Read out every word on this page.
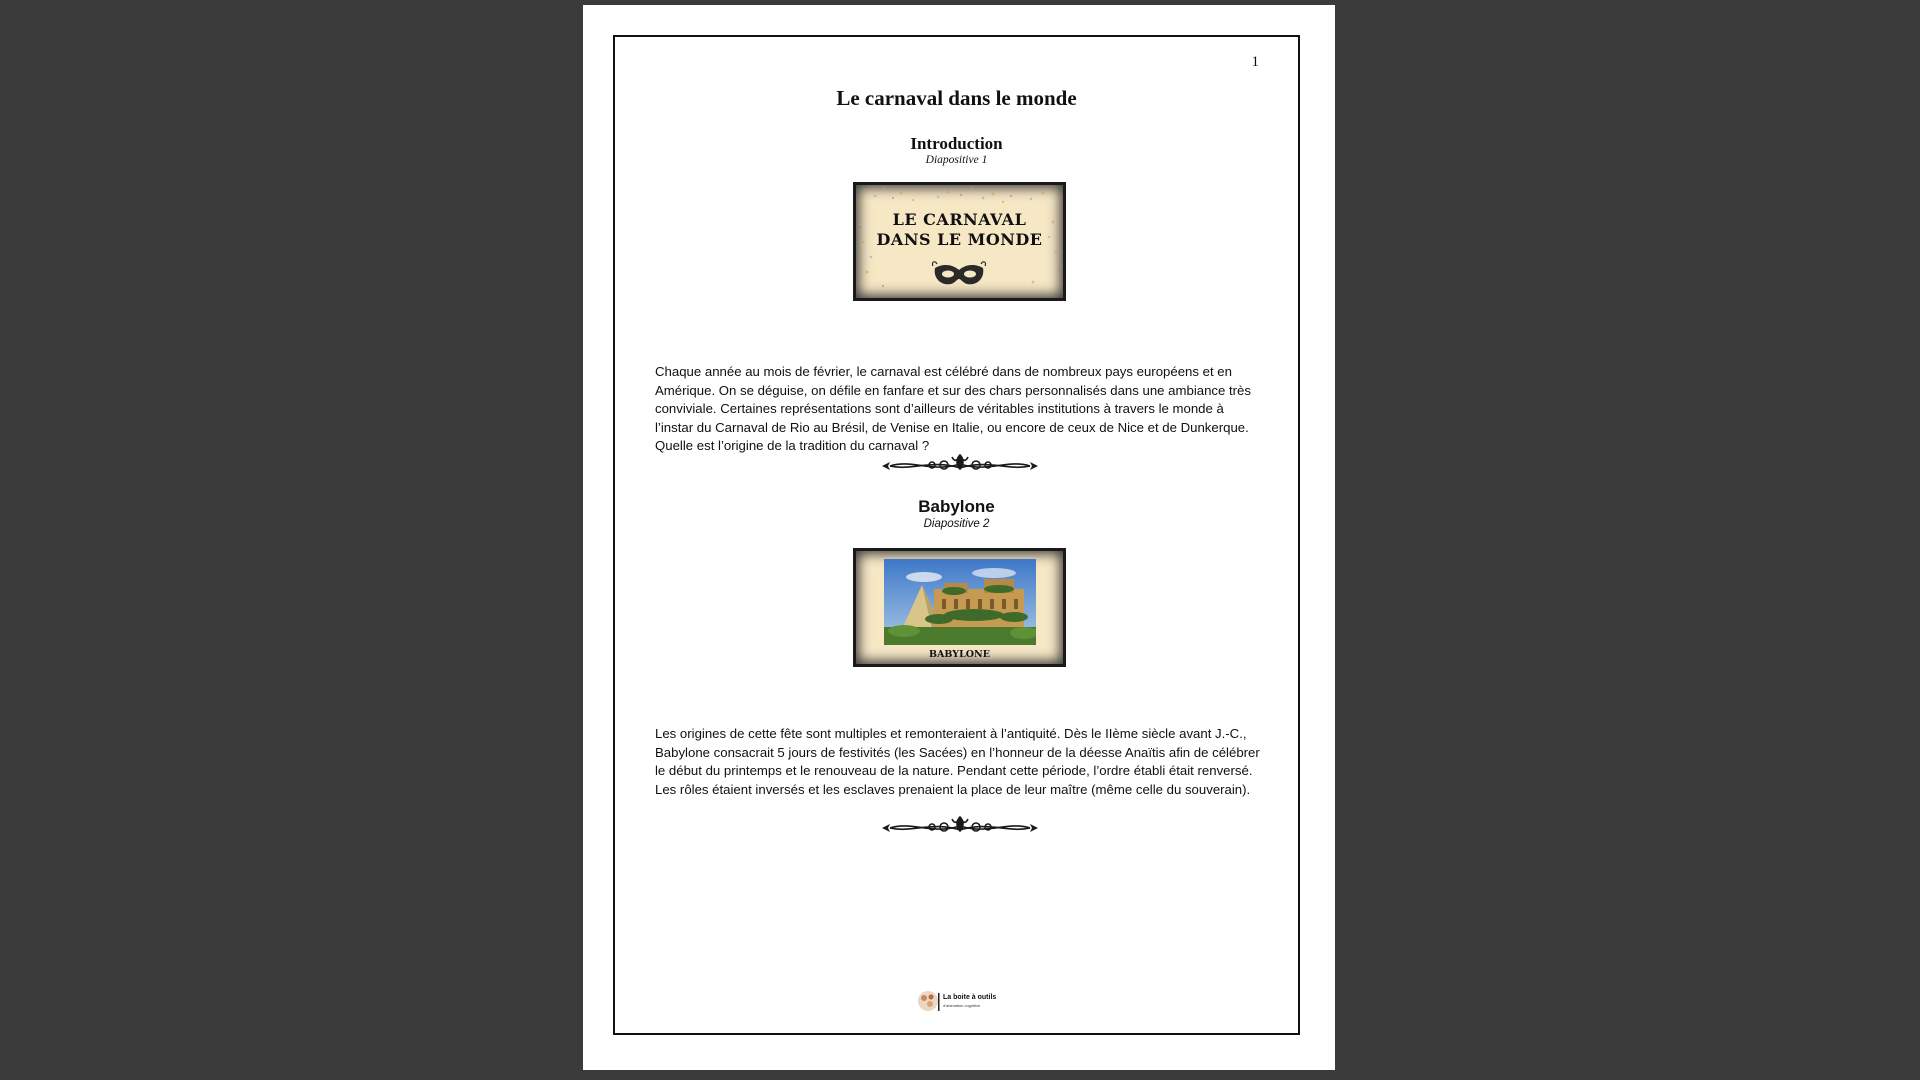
1
Le carnaval dans le monde
Introduction
Diapositive 1
LE CARNAVAL
DANS LE MONDE
Chaque année au mois de février, le carnaval est célébré dans de nombreux pays européens et en Amérique. On se déguise, on défile en fanfare et sur des chars personnalisés dans une ambiance très conviviale. Certaines représentations sont d’ailleurs de véritables institutions à travers le monde à l’instar du Carnaval de Rio au Brésil, de Venise en Italie, ou encore de ceux de Nice et de Dunkerque. Quelle est l’origine de la tradition du carnaval ?
Babylone
Diapositive 2
BABYLONE
Les origines de cette fête sont multiples et remonteraient à l’antiquité. Dès le IIème siècle avant J.-C., Babylone consacrait 5 jours de festivités (les Sacées) en l’honneur de la déesse Anaïtis afin de célébrer le début du printemps et le renouveau de la nature. Pendant cette période, l’ordre établi était renversé. Les rôles étaient inversés et les esclaves prenaient la place de leur maître (même celle du souverain).
La boite à outils
d'animation cognitive
